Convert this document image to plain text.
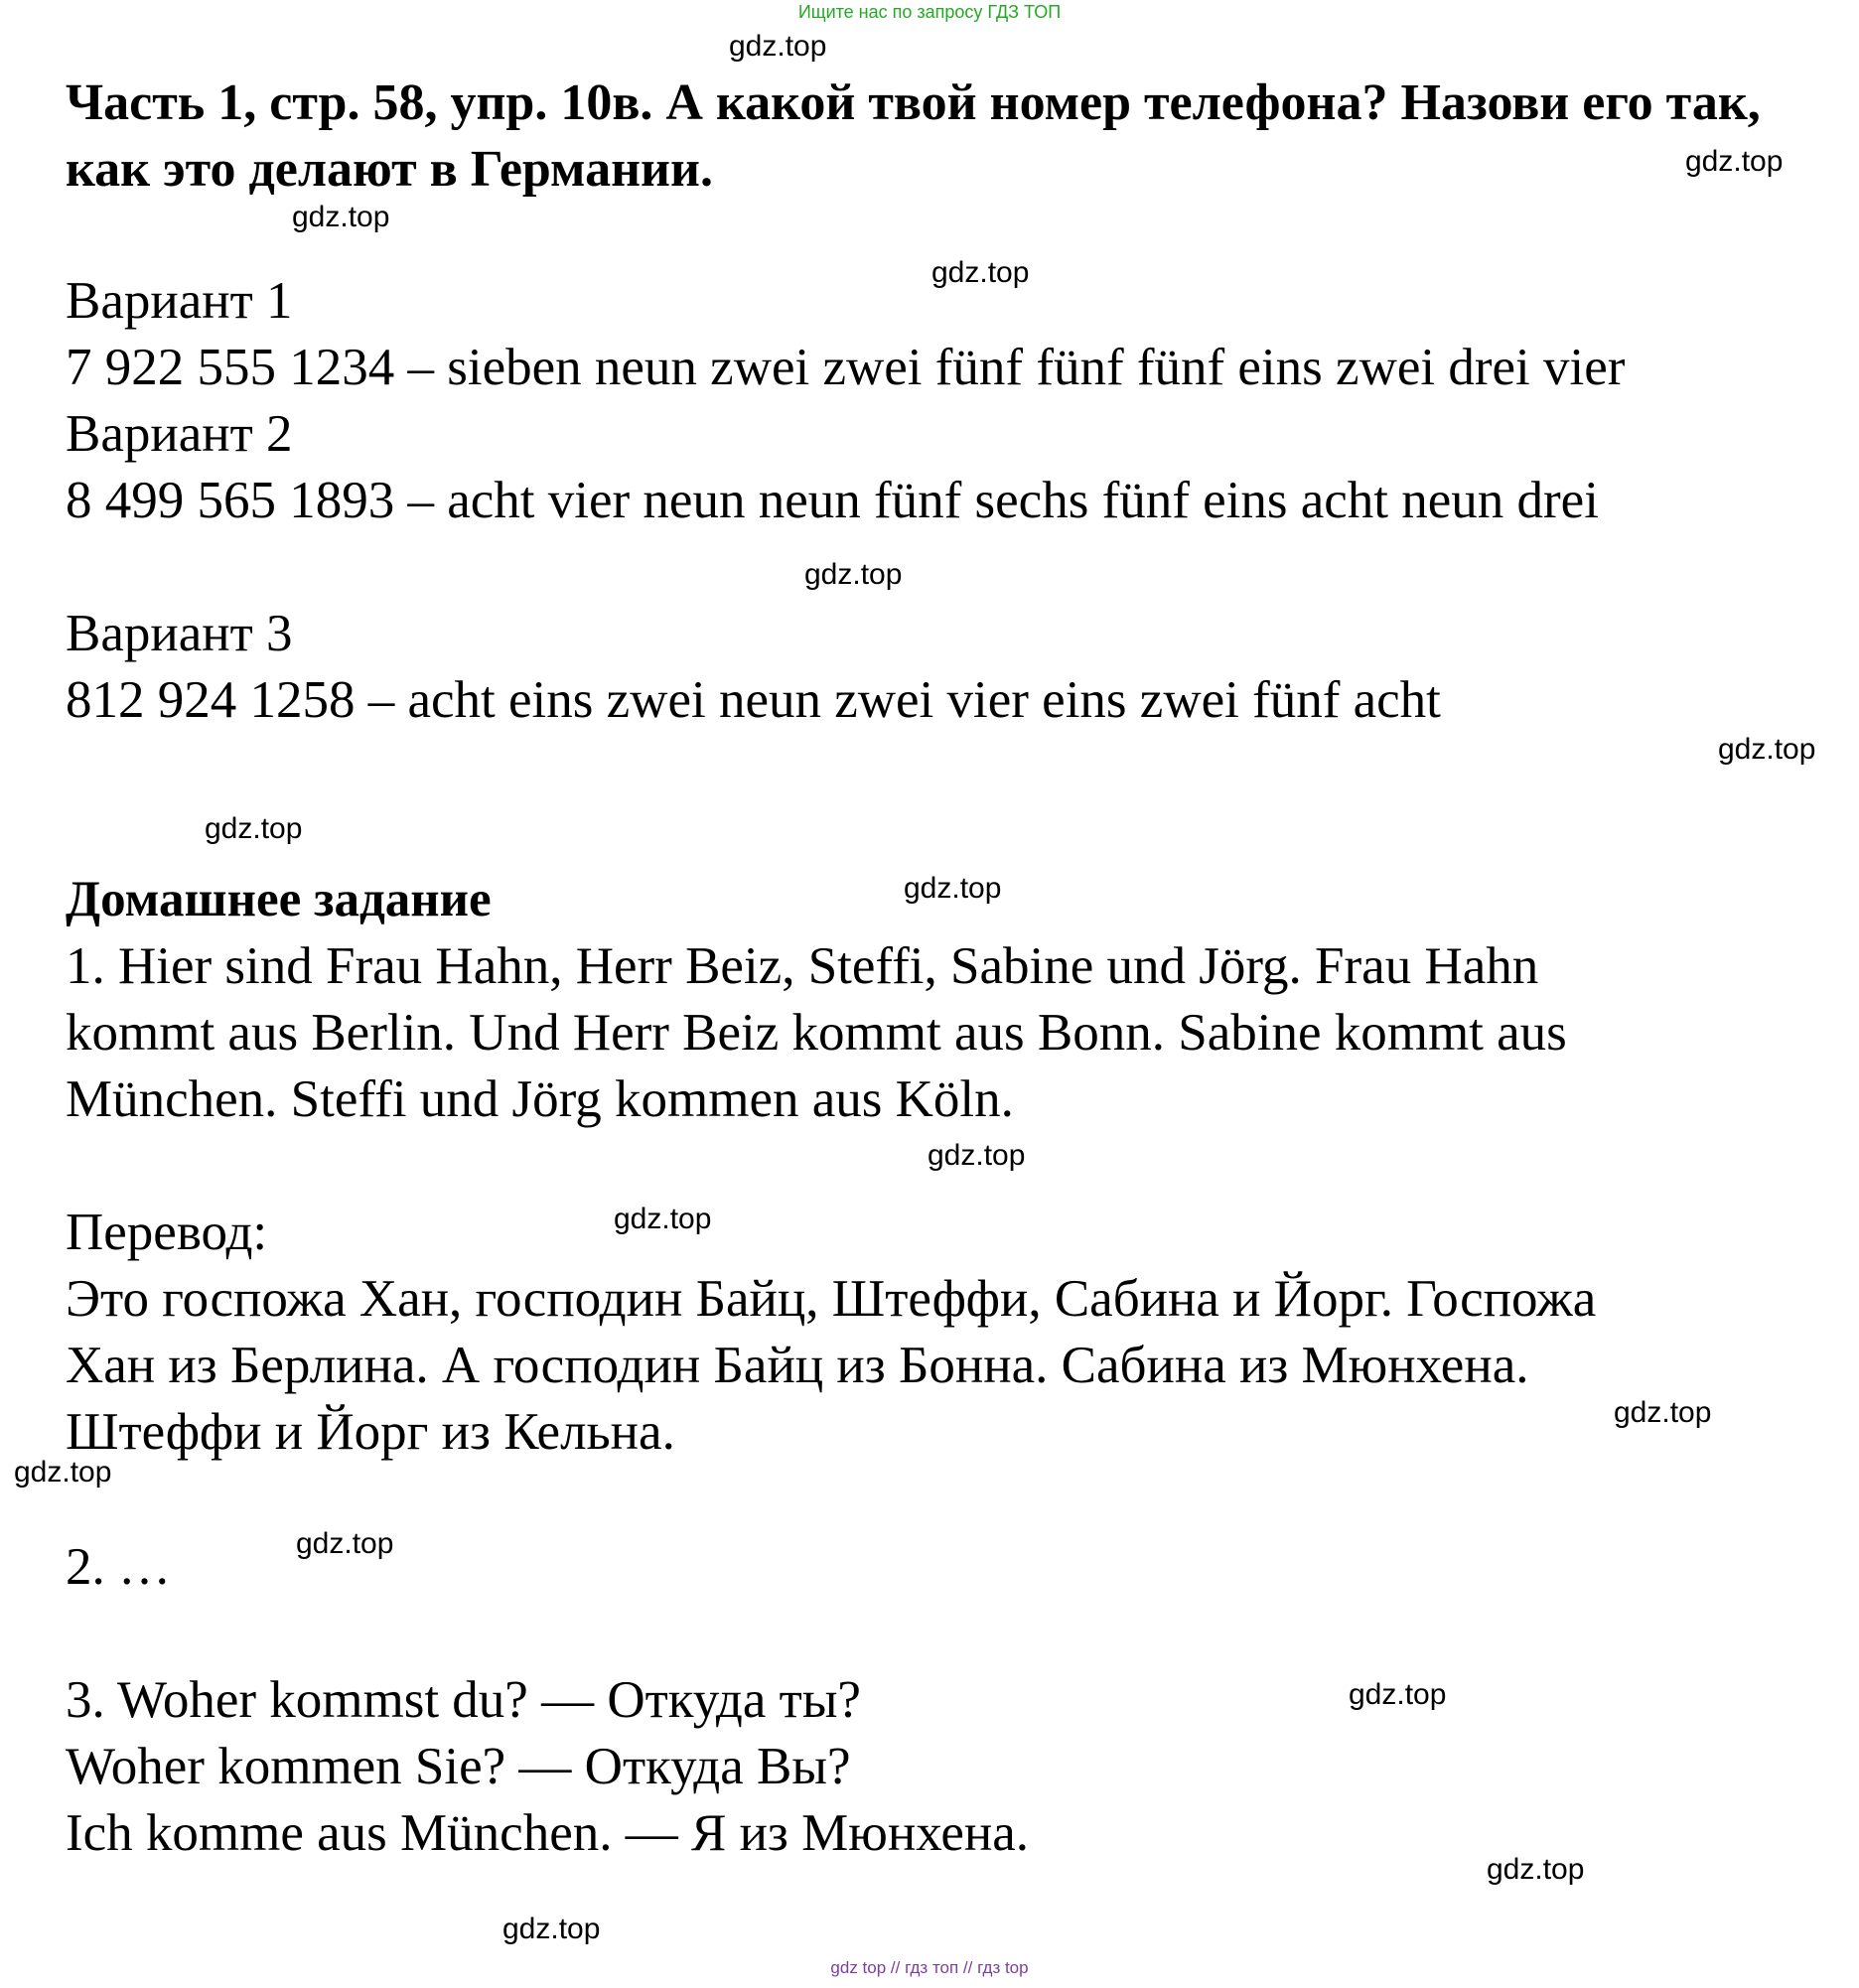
Ищите нас по запросу ГДЗ ТОП
Часть 1, стр. 58, упр. 10в. А какой твой номер телефона? Назови его так, как это делают в Германии.
Вариант 1
7 922 555 1234 – sieben neun zwei zwei fünf fünf fünf eins zwei drei vier
Вариант 2
8 499 565 1893 – acht vier neun neun fünf sechs fünf eins acht neun drei
Вариант 3
812 924 1258 – acht eins zwei neun zwei vier eins zwei fünf acht
Домашнее задание
1. Hier sind Frau Hahn, Herr Beiz, Steffi, Sabine und Jörg. Frau Hahn
kommt aus Berlin. Und Herr Beiz kommt aus Bonn. Sabine kommt aus
München. Steffi und Jörg kommen aus Köln.
Перевод:
Это госпожа Хан, господин Байц, Штеффи, Сабина и Йорг. Госпожа
Хан из Берлина. А господин Байц из Бонна. Сабина из Мюнхена.
Штеффи и Йорг из Кельна.
2. …
3. Woher kommst du? — Откуда ты?
Woher kommen Sie? — Откуда Вы?
Ich komme aus München. — Я из Мюнхена.
gdz.top
gdz.top
gdz.top
gdz.top
gdz.top
gdz.top
gdz.top
gdz.top
gdz.top
gdz.top
gdz.top
gdz.top
gdz.top
gdz.top
gdz.top
gdz.top
gdz top // гдз топ // гдз top
